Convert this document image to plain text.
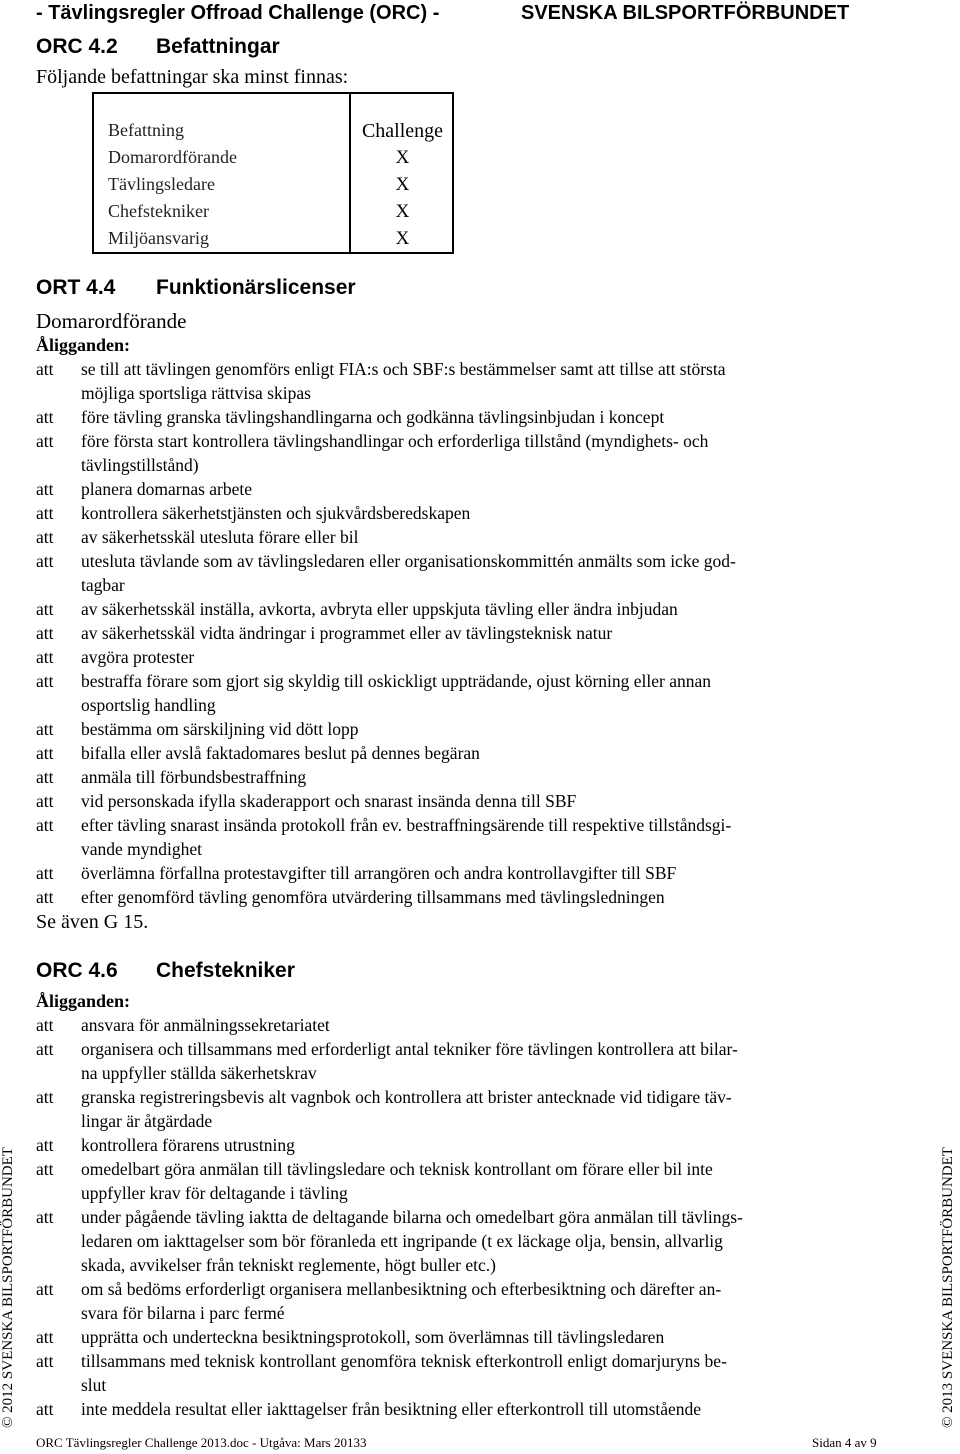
- Tävlingsregler Offroad Challenge (ORC) -	SVENSKA BILSPORTFÖRBUNDET
ORC 4.2 Befattningar
Följande befattningar ska minst finnas:
Befattning	Challenge
Domarordförande	X
Tävlingsledare	X
Chefstekniker	X
Miljöansvarig	X
ORT 4.4 Funktionärslicenser
Domarordförande
Åligganden:
att se till att tävlingen genomförs enligt FIA:s och SBF:s bestämmelser samt att tillse att största
möjliga sportsliga rättvisa skipas
att före tävling granska tävlingshandlingarna och godkänna tävlingsinbjudan i koncept
att före första start kontrollera tävlingshandlingar och erforderliga tillstånd (myndighets- och
tävlingstillstånd)
att planera domarnas arbete
att kontrollera säkerhetstjänsten och sjukvårdsberedskapen
att av säkerhetsskäl utesluta förare eller bil
att utesluta tävlande som av tävlingsledaren eller organisationskommittén anmälts som icke god-
tagbar
att av säkerhetsskäl inställa, avkorta, avbryta eller uppskjuta tävling eller ändra inbjudan
att av säkerhetsskäl vidta ändringar i programmet eller av tävlingsteknisk natur
att avgöra protester
att bestraffa förare som gjort sig skyldig till oskickligt uppträdande, ojust körning eller annan
osportslig handling
att bestämma om särskiljning vid dött lopp
att bifalla eller avslå faktadomares beslut på dennes begäran
att anmäla till förbundsbestraffning
att vid personskada ifylla skaderapport och snarast insända denna till SBF
att efter tävling snarast insända protokoll från ev. bestraffningsärende till respektive tillståndsgi-
vande myndighet
att överlämna förfallna protestavgifter till arrangören och andra kontrollavgifter till SBF
att efter genomförd tävling genomföra utvärdering tillsammans med tävlingsledningen
Se även G 15.
ORC 4.6 Chefstekniker
Åligganden:
att ansvara för anmälningssekretariatet
att organisera och tillsammans med erforderligt antal tekniker före tävlingen kontrollera att bilar-
na uppfyller ställda säkerhetskrav
att granska registreringsbevis alt vagnbok och kontrollera att brister antecknade vid tidigare täv-
lingar är åtgärdade
att kontrollera förarens utrustning
att omedelbart göra anmälan till tävlingsledare och teknisk kontrollant om förare eller bil inte
uppfyller krav för deltagande i tävling
att under pågående tävling iaktta de deltagande bilarna och omedelbart göra anmälan till tävlings-
ledaren om iakttagelser som bör föranleda ett ingripande (t ex läckage olja, bensin, allvarlig
skada, avvikelser från tekniskt reglemente, högt buller etc.)
att om så bedöms erforderligt organisera mellanbesiktning och efterbesiktning och därefter an-
svara för bilarna i parc fermé
att upprätta och underteckna besiktningsprotokoll, som överlämnas till tävlingsledaren
att tillsammans med teknisk kontrollant genomföra teknisk efterkontroll enligt domarjuryns be-
slut
att inte meddela resultat eller iakttagelser från besiktning eller efterkontroll till utomstående
© 2012 SVENSKA BILSPORTFÖRBUNDET	© 2013 SVENSKA BILSPORTFÖRBUNDET
ORC Tävlingsregler Challenge 2013.doc - Utgåva: Mars 20133	Sidan 4 av 9
